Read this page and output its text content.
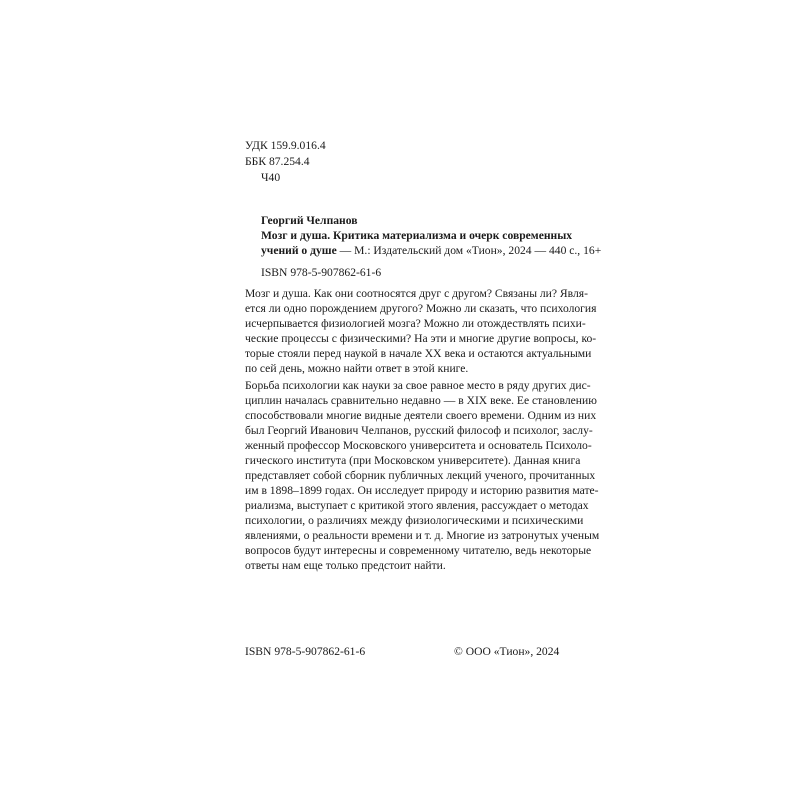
УДК 159.9.016.4
ББК 87.254.4
Ч40
Георгий Челпанов
Мозг и душа. Критика материализма и очерк современных
учений о душе — М.: Издательский дом «Тион», 2024 — 440 с., 16+
ISBN 978-5-907862-61-6
Мозг и душа. Как они соотносятся друг с другом? Связаны ли? Явля-
ется ли одно порождением другого? Можно ли сказать, что психология
исчерпывается физиологией мозга? Можно ли отождествлять психи-
ческие процессы с физическими? На эти и многие другие вопросы, ко-
торые стояли перед наукой в начале XX века и остаются актуальными
по сей день, можно найти ответ в этой книге.
Борьба психологии как науки за свое равное место в ряду других дис-
циплин началась сравнительно недавно — в XIX веке. Ее становлению
способствовали многие видные деятели своего времени. Одним из них
был Георгий Иванович Челпанов, русский философ и психолог, заслу-
женный профессор Московского университета и основатель Психоло-
гического института (при Московском университете). Данная книга
представляет собой сборник публичных лекций ученого, прочитанных
им в 1898–1899 годах. Он исследует природу и историю развития мате-
риализма, выступает с критикой этого явления, рассуждает о методах
психологии, о различиях между физиологическими и психическими
явлениями, о реальности времени и т. д. Многие из затронутых ученым
вопросов будут интересны и современному читателю, ведь некоторые
ответы нам еще только предстоит найти.
ISBN 978-5-907862-61-6	© ООО «Тион», 2024
